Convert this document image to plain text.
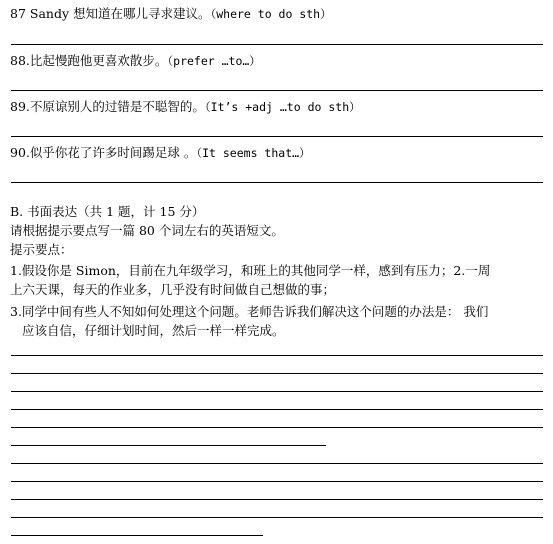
87 Sandy 想知道在哪儿寻求建议。（where to do sth）
88.比起慢跑他更喜欢散步。（prefer …to…）
89.不原谅别人的过错是不聪智的。（It’s +adj …to do sth）
90.似乎你花了许多时间踢足球 。（It seems that…）
B. 书面表达（共 1 题，计 15 分）
请根据提示要点写一篇 80 个词左右的英语短文。
提示要点：
1.假设你是 Simon，目前在九年级学习，和班上的其他同学一样，感到有压力；2.一周
上六天课，每天的作业多，几乎没有时间做自己想做的事；
3.同学中间有些人不知如何处理这个问题。老师告诉我们解决这个问题的办法是： 我们
应该自信，仔细计划时间，然后一样一样完成。
